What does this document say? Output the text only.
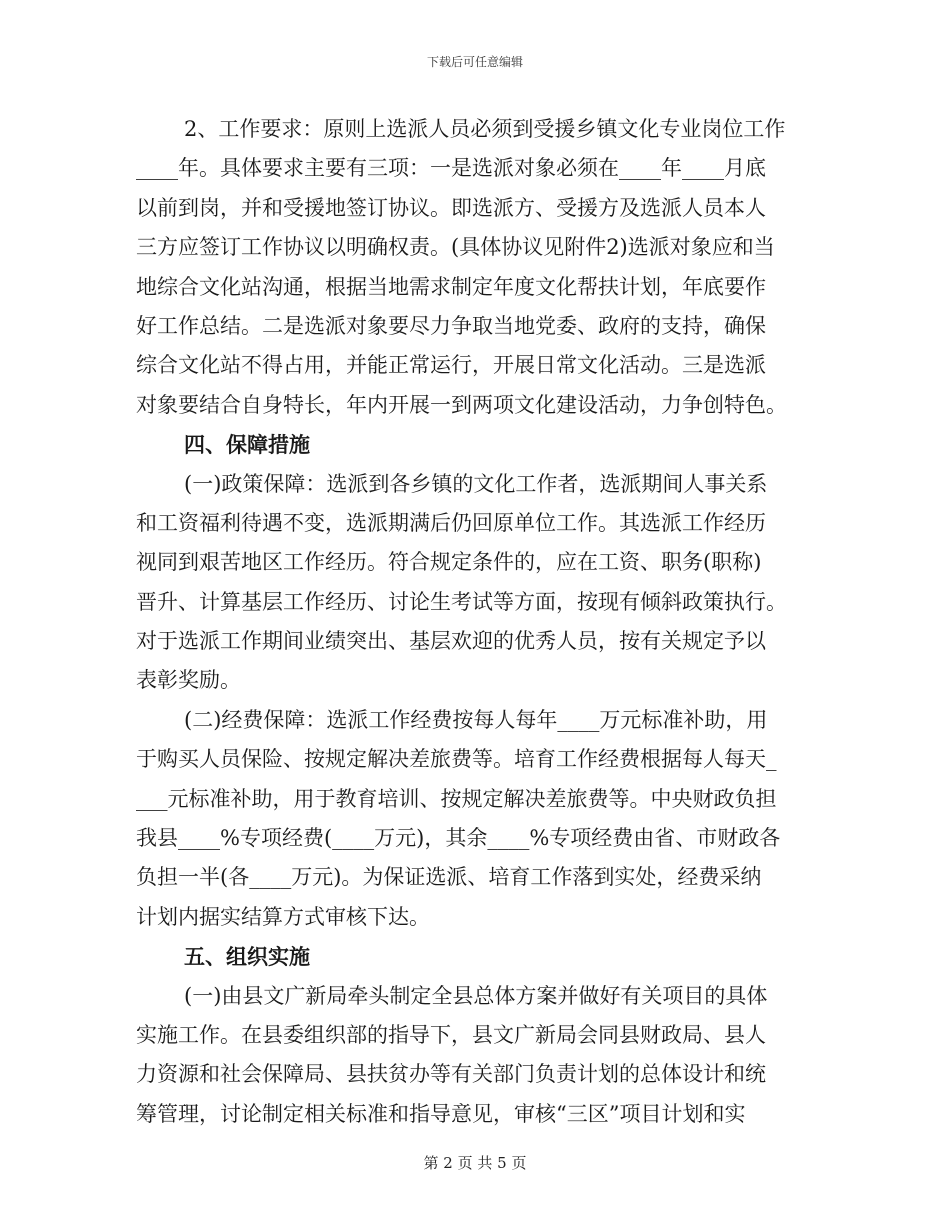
下载后可任意编辑
2、工作要求：原则上选派人员必须到受援乡镇文化专业岗位工作
____年。具体要求主要有三项：一是选派对象必须在____年____月底
以前到岗，并和受援地签订协议。即选派方、受援方及选派人员本人
三方应签订工作协议以明确权责。(具体协议见附件2)选派对象应和当
地综合文化站沟通，根据当地需求制定年度文化帮扶计划，年底要作
好工作总结。二是选派对象要尽力争取当地党委、政府的支持，确保
综合文化站不得占用，并能正常运行，开展日常文化活动。三是选派
对象要结合自身特长，年内开展一到两项文化建设活动，力争创特色。
四、保障措施
(一)政策保障：选派到各乡镇的文化工作者，选派期间人事关系
和工资福利待遇不变，选派期满后仍回原单位工作。其选派工作经历
视同到艰苦地区工作经历。符合规定条件的，应在工资、职务(职称)
晋升、计算基层工作经历、讨论生考试等方面，按现有倾斜政策执行。
对于选派工作期间业绩突出、基层欢迎的优秀人员，按有关规定予以
表彰奖励。
(二)经费保障：选派工作经费按每人每年____万元标准补助，用
于购买人员保险、按规定解决差旅费等。培育工作经费根据每人每天_
___元标准补助，用于教育培训、按规定解决差旅费等。中央财政负担
我县____%专项经费(____万元)，其余____%专项经费由省、市财政各
负担一半(各____万元)。为保证选派、培育工作落到实处，经费采纳
计划内据实结算方式审核下达。
五、组织实施
(一)由县文广新局牵头制定全县总体方案并做好有关项目的具体
实施工作。在县委组织部的指导下，县文广新局会同县财政局、县人
力资源和社会保障局、县扶贫办等有关部门负责计划的总体设计和统
筹管理，讨论制定相关标准和指导意见，审核“三区”项目计划和实
第 2 页 共 5 页
